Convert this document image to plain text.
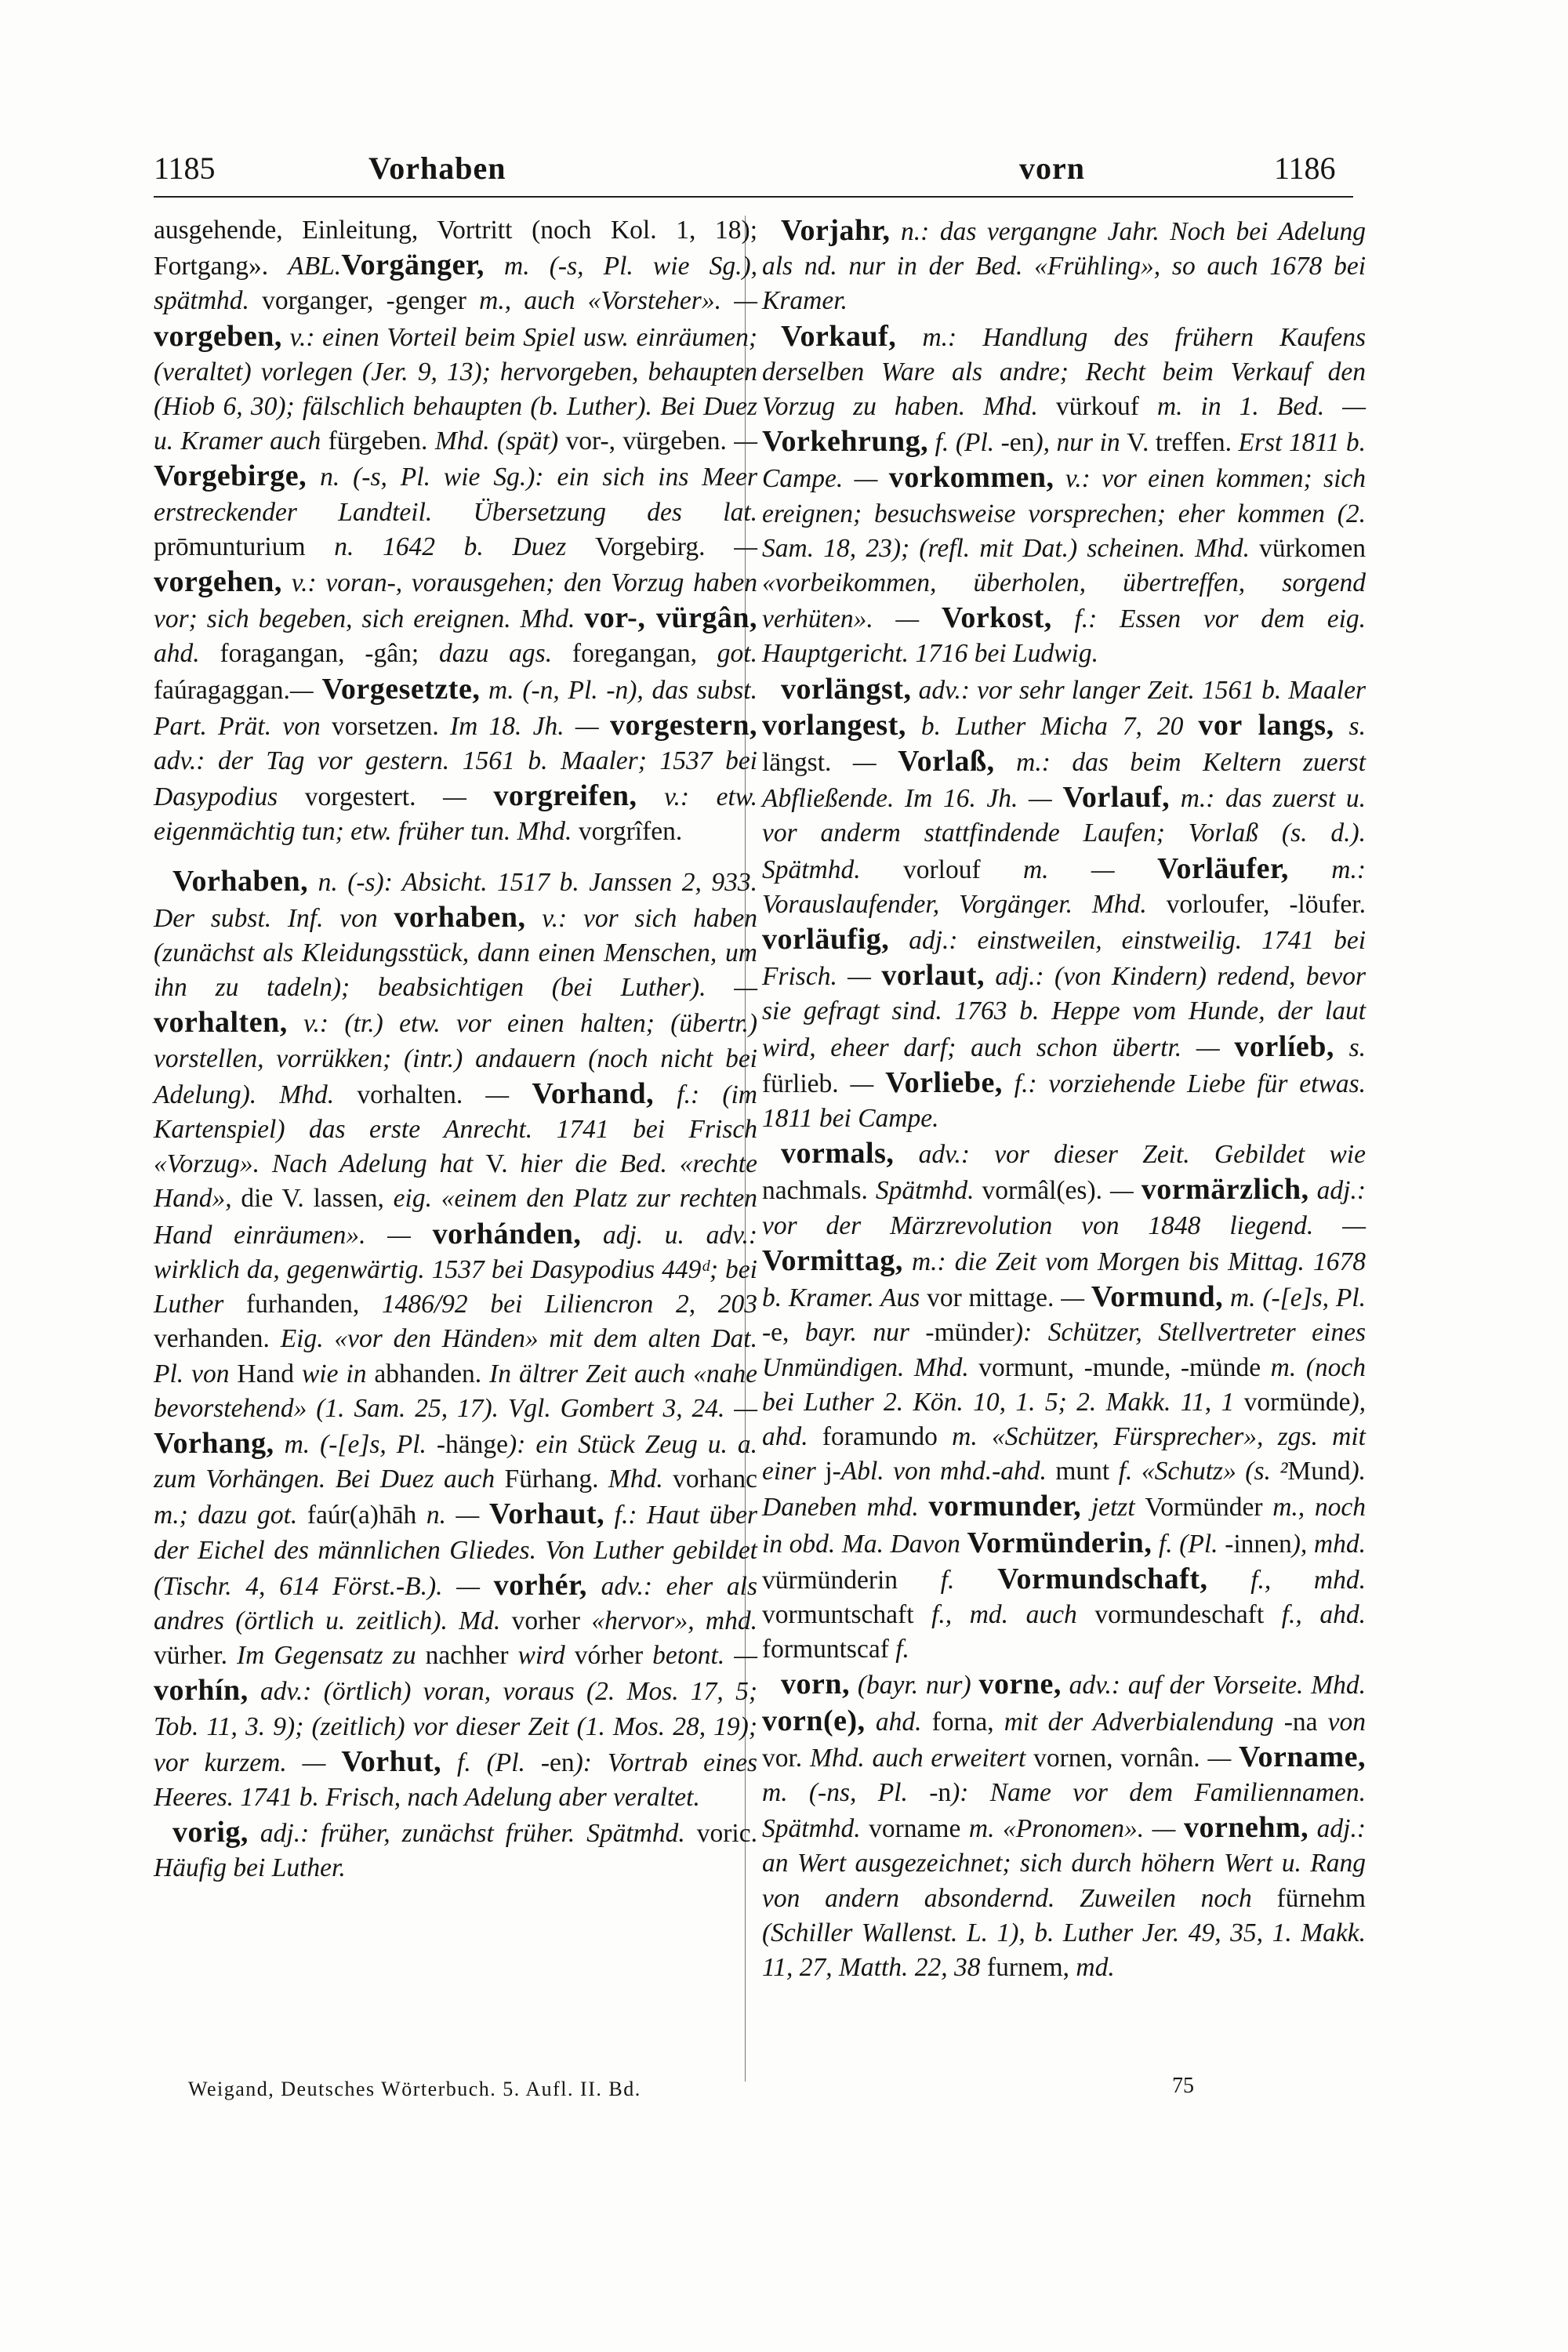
1185	Vorhaben	vorn	1186

ausgehende, Einleitung, Vortritt (noch Kol. 1, 18); Fortgang». ABL.Vorgänger, m. (-s, Pl. wie Sg.), spätmhd. vorganger, -genger m., auch «Vorsteher». — vorgeben, v.: einen Vorteil beim Spiel usw. einräumen; (veraltet) vorlegen (Jer. 9, 13); hervorgeben, behaupten (Hiob 6, 30); fälschlich behaupten (b. Luther). Bei Duez u. Kramer auch fürgeben. Mhd. (spät) vor-, vürgeben. —Vorgebirge, n. (-s, Pl. wie Sg.): ein sich ins Meer erstreckender Landteil. Übersetzung des lat. prōmunturium n. 1642 b. Duez Vorgebirg. — vorgehen, v.: voran-, vorausgehen; den Vorzug haben vor; sich begeben, sich ereignen. Mhd. vor-, vürgân, ahd. foragangan, -gân; dazu ags. foregangan, got. faúragaggan.— Vorgesetzte, m. (-n, Pl. -n), das subst. Part. Prät. von vorsetzen. Im 18. Jh. — vorgestern, adv.: der Tag vor gestern. 1561 b. Maaler; 1537 bei Dasypodius vorgestert. — vorgreifen, v.: etw. eigenmächtig tun; etw. früher tun. Mhd. vorgrîfen.

Vorhaben, n. (-s): Absicht. 1517 b. Janssen 2, 933. Der subst. Inf. von vorhaben, v.: vor sich haben (zunächst als Kleidungsstück, dann einen Menschen, um ihn zu tadeln); beabsichtigen (bei Luther). — vorhalten, v.: (tr.) etw. vor einen halten; (übertr.) vorstellen, vorrükken; (intr.) andauern (noch nicht bei Adelung). Mhd. vorhalten. — Vorhand, f.: (im Kartenspiel) das erste Anrecht. 1741 bei Frisch «Vorzug». Nach Adelung hat V. hier die Bed. «rechte Hand», die V. lassen, eig. «einem den Platz zur rechten Hand einräumen». — vorhánden, adj. u. adv.: wirklich da, gegenwärtig. 1537 bei Dasypodius 449ᵈ; bei Luther furhanden, 1486/92 bei Liliencron 2, 203 verhanden. Eig. «vor den Händen» mit dem alten Dat. Pl. von Hand wie in abhanden. In ältrer Zeit auch «nahe bevorstehend» (1. Sam. 25, 17). Vgl. Gombert 3, 24. — Vorhang, m. (-[e]s, Pl. -hänge): ein Stück Zeug u. a. zum Vorhängen. Bei Duez auch Fürhang. Mhd. vorhanc m.; dazu got. faúr(a)hāh n. — Vorhaut, f.: Haut über der Eichel des männlichen Gliedes. Von Luther gebildet (Tischr. 4, 614 Först.-B.). — vorhér, adv.: eher als andres (örtlich u. zeitlich). Md. vorher «hervor», mhd. vürher. Im Gegensatz zu nachher wird vórher betont. — vorhín, adv.: (örtlich) voran, voraus (2. Mos. 17, 5; Tob. 11, 3. 9); (zeitlich) vor dieser Zeit (1. Mos. 28, 19); vor kurzem. — Vorhut, f. (Pl. -en): Vortrab eines Heeres. 1741 b. Frisch, nach Adelung aber veraltet.

vorig, adj.: früher, zunächst früher. Spätmhd. voric. Häufig bei Luther.

Vorjahr, n.: das vergangne Jahr. Noch bei Adelung als nd. nur in der Bed. «Frühling», so auch 1678 bei Kramer.

Vorkauf, m.: Handlung des frühern Kaufens derselben Ware als andre; Recht beim Verkauf den Vorzug zu haben. Mhd. vürkouf m. in 1. Bed. — Vorkehrung, f. (Pl. -en), nur in V. treffen. Erst 1811 b. Campe. — vorkommen, v.: vor einen kommen; sich ereignen; besuchsweise vorsprechen; eher kommen (2. Sam. 18, 23); (refl. mit Dat.) scheinen. Mhd. vürkomen «vorbeikommen, überholen, übertreffen, sorgend verhüten». — Vorkost, f.: Essen vor dem eig. Hauptgericht. 1716 bei Ludwig.

vorlängst, adv.: vor sehr langer Zeit. 1561 b. Maaler vorlangest, b. Luther Micha 7, 20 vor langs, s. längst. — Vorlaß, m.: das beim Keltern zuerst Abfließende. Im 16. Jh. — Vorlauf, m.: das zuerst u. vor anderm stattfindende Laufen; Vorlaß (s. d.). Spätmhd. vorlouf m. — Vorläufer, m.: Vorauslaufender, Vorgänger. Mhd. vorloufer, -löufer. vorläufig, adj.: einstweilen, einstweilig. 1741 bei Frisch. — vorlaut, adj.: (von Kindern) redend, bevor sie gefragt sind. 1763 b. Heppe vom Hunde, der laut wird, eheer darf; auch schon übertr. — vorlíeb, s. fürlieb. — Vorliebe, f.: vorziehende Liebe für etwas. 1811 bei Campe.

vormals, adv.: vor dieser Zeit. Gebildet wie nachmals. Spätmhd. vormâl(es). — vormärzlich, adj.: vor der Märzrevolution von 1848 liegend. — Vormittag, m.: die Zeit vom Morgen bis Mittag. 1678 b. Kramer. Aus vor mittage. — Vormund, m. (-[e]s, Pl. -e, bayr. nur -münder): Schützer, Stellvertreter eines Unmündigen. Mhd. vormunt, -munde, -münde m. (noch bei Luther 2. Kön. 10, 1. 5; 2. Makk. 11, 1 vormünde), ahd. foramundo m. «Schützer, Fürsprecher», zgs. mit einer j-Abl. von mhd.-ahd. munt f. «Schutz» (s. ²Mund). Daneben mhd. vormunder, jetzt Vormünder m., noch in obd. Ma. Davon Vormünderin, f. (Pl. -innen), mhd. vürmünderin f. Vormundschaft, f., mhd. vormuntschaft f., md. auch vormundeschaft f., ahd. formuntscaf f.

vorn, (bayr. nur) vorne, adv.: auf der Vorseite. Mhd. vorn(e), ahd. forna, mit der Adverbialendung -na von vor. Mhd. auch erweitert vornen, vornân. — Vorname, m. (-ns, Pl. -n): Name vor dem Familiennamen. Spätmhd. vorname m. «Pronomen». — vornehm, adj.: an Wert ausgezeichnet; sich durch höhern Wert u. Rang von andern absondernd. Zuweilen noch fürnehm (Schiller Wallenst. L. 1), b. Luther Jer. 49, 35, 1. Makk. 11, 27, Matth. 22, 38 furnem, md.

Weigand, Deutsches Wörterbuch. 5. Aufl. II. Bd.	75
